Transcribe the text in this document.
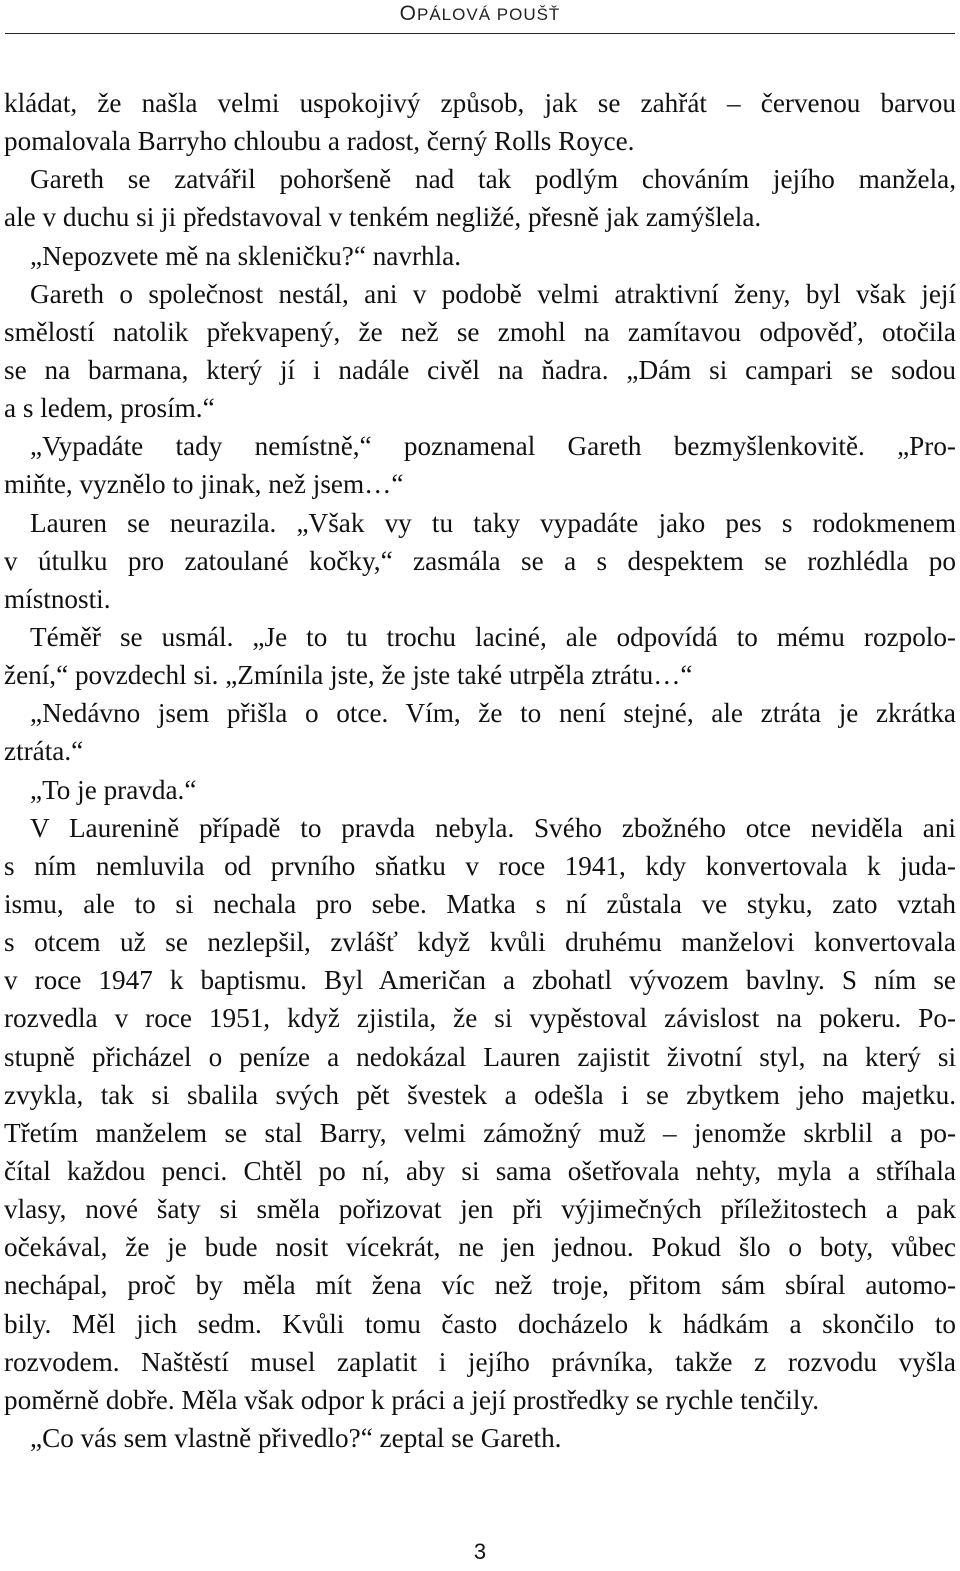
OPÁLOVÁ POUŠŤ
kládat, že našla velmi uspokojivý způsob, jak se zahřát – červenou barvou
pomalovala Barryho chloubu a radost, černý Rolls Royce.
Gareth se zatvářil pohoršeně nad tak podlým chováním jejího manžela,
ale v duchu si ji představoval v tenkém negližé, přesně jak zamýšlela.
„Nepozvete mě na skleničku?“ navrhla.
Gareth o společnost nestál, ani v podobě velmi atraktivní ženy, byl však její
smělostí natolik překvapený, že než se zmohl na zamítavou odpověď, otočila
se na barmana, který jí i nadále civěl na ňadra. „Dám si campari se sodou
a s ledem, prosím.“
„Vypadáte tady nemístně,“ poznamenal Gareth bezmyšlenkovitě. „Pro-
miňte, vyznělo to jinak, než jsem…“
Lauren se neurazila. „Však vy tu taky vypadáte jako pes s rodokmenem
v útulku pro zatoulané kočky,“ zasmála se a s despektem se rozhlédla po
místnosti.
Téměř se usmál. „Je to tu trochu laciné, ale odpovídá to mému rozpolo-
žení,“ povzdechl si. „Zmínila jste, že jste také utrpěla ztrátu…“
„Nedávno jsem přišla o otce. Vím, že to není stejné, ale ztráta je zkrátka
ztráta.“
„To je pravda.“
V Laurenině případě to pravda nebyla. Svého zbožného otce neviděla ani
s ním nemluvila od prvního sňatku v roce 1941, kdy konvertovala k juda-
ismu, ale to si nechala pro sebe. Matka s ní zůstala ve styku, zato vztah
s otcem už se nezlepšil, zvlášť když kvůli druhému manželovi konvertovala
v roce 1947 k baptismu. Byl Američan a zbohatl vývozem bavlny. S ním se
rozvedla v roce 1951, když zjistila, že si vypěstoval závislost na pokeru. Po-
stupně přicházel o peníze a nedokázal Lauren zajistit životní styl, na který si
zvykla, tak si sbalila svých pět švestek a odešla i se zbytkem jeho majetku.
Třetím manželem se stal Barry, velmi zámožný muž – jenomže skrblil a po-
čítal každou penci. Chtěl po ní, aby si sama ošetřovala nehty, myla a stříhala
vlasy, nové šaty si směla pořizovat jen při výjimečných příležitostech a pak
očekával, že je bude nosit vícekrát, ne jen jednou. Pokud šlo o boty, vůbec
nechápal, proč by měla mít žena víc než troje, přitom sám sbíral automo-
bily. Měl jich sedm. Kvůli tomu často docházelo k hádkám a skončilo to
rozvodem. Naštěstí musel zaplatit i jejího právníka, takže z rozvodu vyšla
poměrně dobře. Měla však odpor k práci a její prostředky se rychle tenčily.
„Co vás sem vlastně přivedlo?“ zeptal se Gareth.
3
